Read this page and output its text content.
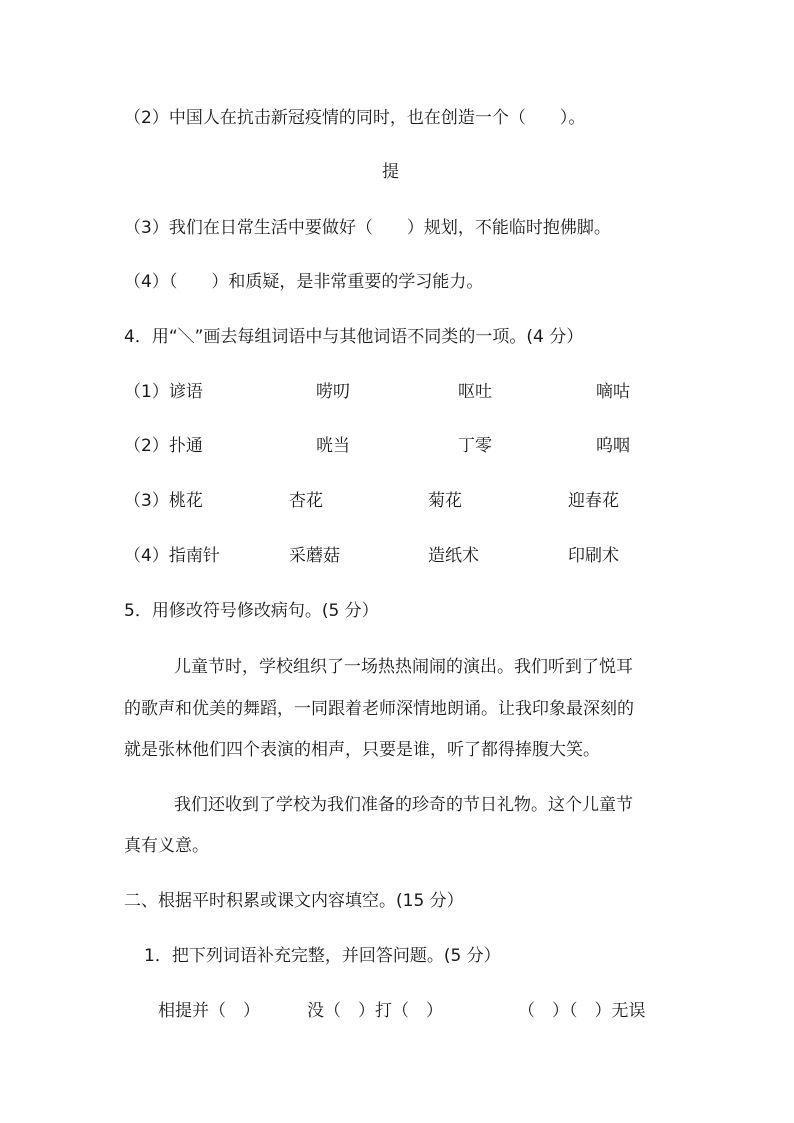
（2）中国人在抗击新冠疫情的同时，也在创造一个（　　）。
提
（3）我们在日常生活中要做好（　　）规划，不能临时抱佛脚。
（4）（　　）和质疑，是非常重要的学习能力。
4．用“＼”画去每组词语中与其他词语不同类的一项。(4 分）
（1）谚语	唠叨	呕吐	嘀咕
（2）扑通	咣当	丁零	呜咽
（3）桃花	杏花	菊花	迎春花
（4）指南针	采蘑菇	造纸术	印刷术
5．用修改符号修改病句。(5 分）
儿童节时，学校组织了一场热热闹闹的演出。我们听到了悦耳
的歌声和优美的舞蹈，一同跟着老师深情地朗诵。让我印象最深刻的
就是张林他们四个表演的相声，只要是谁，听了都得捧腹大笑。
我们还收到了学校为我们准备的珍奇的节日礼物。这个儿童节
真有义意。
二、根据平时积累或课文内容填空。(15 分）
1．把下列词语补充完整，并回答问题。(5 分）
相提并（　）	没（　）打（　）	（　）（　）无误
